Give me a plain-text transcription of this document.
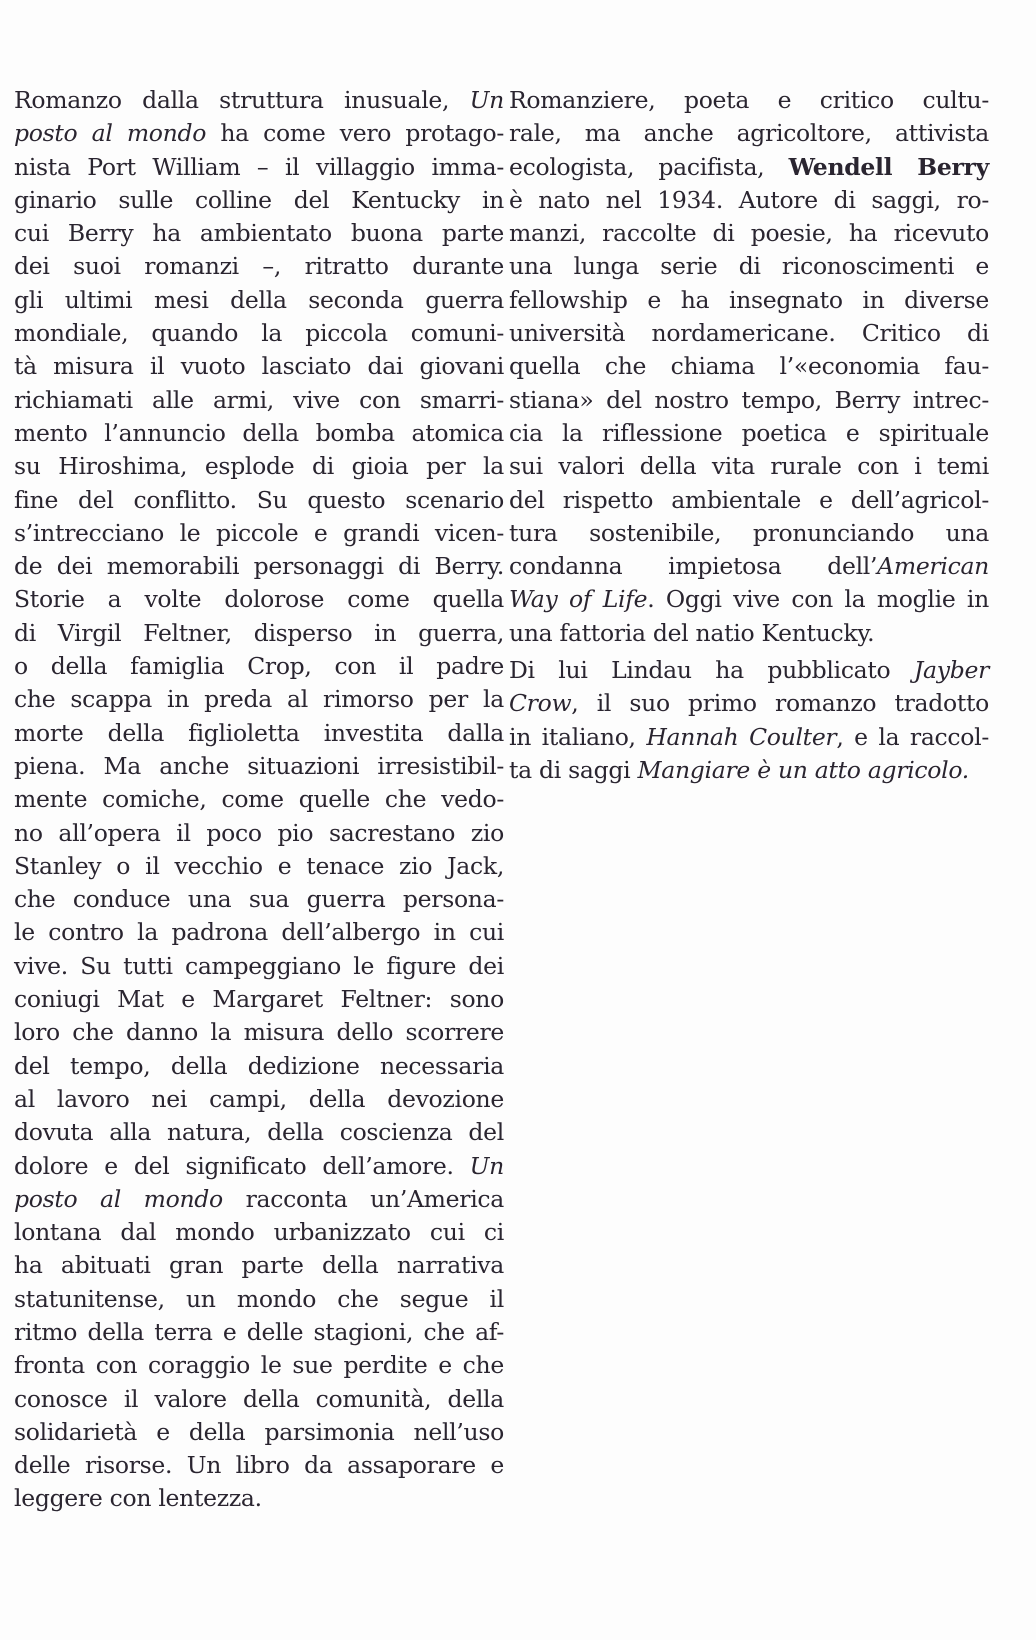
Romanzo dalla struttura inusuale, Un
posto al mondo ha come vero protago-
nista Port William – il villaggio imma-
ginario sulle colline del Kentucky in
cui Berry ha ambientato buona parte
dei suoi romanzi –, ritratto durante
gli ultimi mesi della seconda guerra
mondiale, quando la piccola comuni-
tà misura il vuoto lasciato dai giovani
richiamati alle armi, vive con smarri-
mento l’annuncio della bomba atomica
su Hiroshima, esplode di gioia per la
fine del conflitto. Su questo scenario
s’intrecciano le piccole e grandi vicen-
de dei memorabili personaggi di Berry.
Storie a volte dolorose come quella
di Virgil Feltner, disperso in guerra,
o della famiglia Crop, con il padre
che scappa in preda al rimorso per la
morte della figlioletta investita dalla
piena. Ma anche situazioni irresistibil-
mente comiche, come quelle che vedo-
no all’opera il poco pio sacrestano zio
Stanley o il vecchio e tenace zio Jack,
che conduce una sua guerra persona-
le contro la padrona dell’albergo in cui
vive. Su tutti campeggiano le figure dei
coniugi Mat e Margaret Feltner: sono
loro che danno la misura dello scorrere
del tempo, della dedizione necessaria
al lavoro nei campi, della devozione
dovuta alla natura, della coscienza del
dolore e del significato dell’amore. Un
posto al mondo racconta un’America
lontana dal mondo urbanizzato cui ci
ha abituati gran parte della narrativa
statunitense, un mondo che segue il
ritmo della terra e delle stagioni, che af-
fronta con coraggio le sue perdite e che
conosce il valore della comunità, della
solidarietà e della parsimonia nell’uso
delle risorse. Un libro da assaporare e
leggere con lentezza.
Romanziere, poeta e critico cultu-
rale, ma anche agricoltore, attivista
ecologista, pacifista, Wendell Berry
è nato nel 1934. Autore di saggi, ro-
manzi, raccolte di poesie, ha ricevuto
una lunga serie di riconoscimenti e
fellowship e ha insegnato in diverse
università nordamericane. Critico di
quella che chiama l’«economia fau-
stiana» del nostro tempo, Berry intrec-
cia la riflessione poetica e spirituale
sui valori della vita rurale con i temi
del rispetto ambientale e dell’agricol-
tura sostenibile, pronunciando una
condanna impietosa dell’American
Way of Life. Oggi vive con la moglie in
una fattoria del natio Kentucky.
Di lui Lindau ha pubblicato Jayber
Crow, il suo primo romanzo tradotto
in italiano, Hannah Coulter, e la raccol-
ta di saggi Mangiare è un atto agricolo.
